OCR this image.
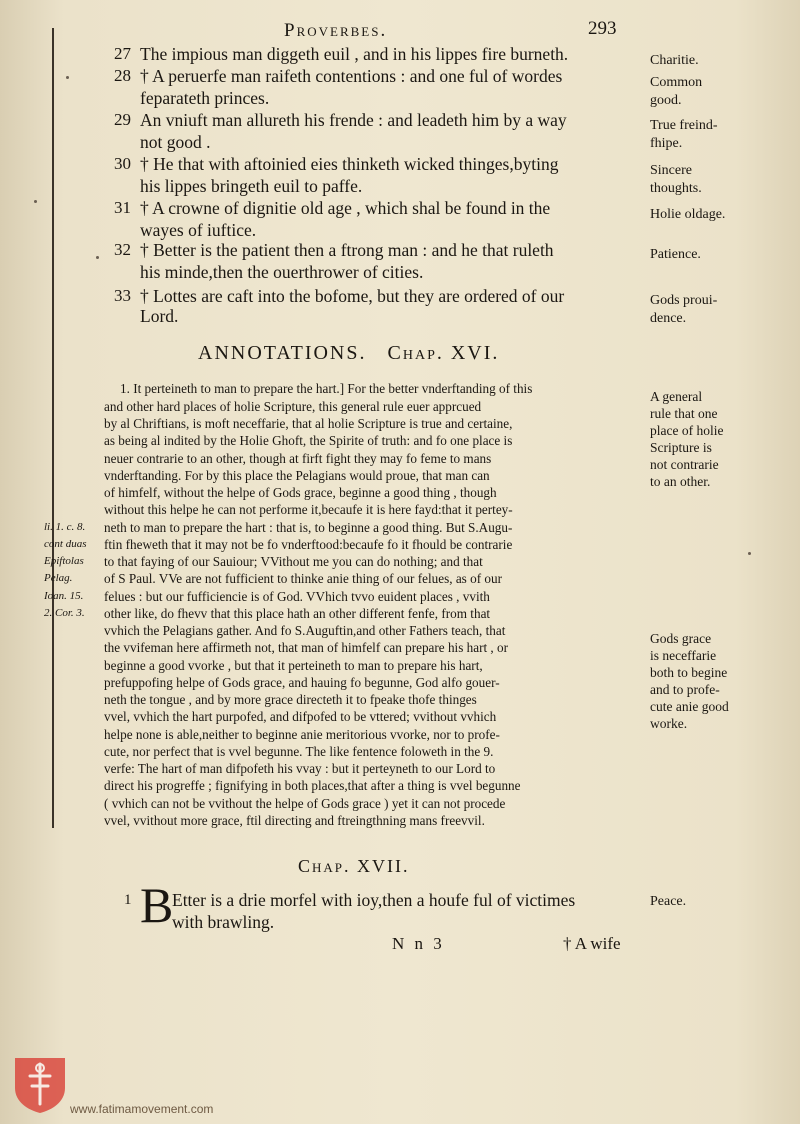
Proverbes.	293
27 The impious man diggeth euil , and in his lippes fire burneth.
28 † A peruerfe man raifeth contentions : and one ful of wordes
feparateth princes.
29 An vniuft man allureth his frende : and leadeth him by a way
not good .
30 † He that with aftoinied eies thinketh wicked thinges,byting
his lippes bringeth euil to paffe.
31 † A crowne of dignitie old age , which shal be found in the
wayes of iuftice.
32 † Better is the patient then a ftrong man : and he that ruleth
his minde,then the ouerthrower of cities.
33 † Lottes are caft into the bofome, but they are ordered of our
Lord.
Charitie.
Common
good.
True freind-
fhipe.
Sincere
thoughts.
Holie oldage.
Patience.
Gods proui-
dence.
ANNOTATIONS. Chap. XVI.
1. It perteineth to man to prepare the hart.] For the better vnderftanding of this
and other hard places of holie Scripture, this general rule euer apprcued
by al Chriftians, is moft neceffarie, that al holie Scripture is true and certaine,
as being al indited by the Holie Ghoft, the Spirite of truth: and fo one place is
neuer contrarie to an other, though at firft fight they may fo feme to mans
vnderftanding. For by this place the Pelagians would proue, that man can
of himfelf, without the helpe of Gods grace, beginne a good thing , though
without this helpe he can not performe it,becaufe it is here fayd:that it pertey-
neth to man to prepare the hart : that is, to beginne a good thing. But S.Augu-
ftin fheweth that it may not be fo vnderftood:becaufe fo it fhould be contrarie
to that faying of our Sauiour; VVithout me you can do nothing; and that
of S Paul. VVe are not fufficient to thinke anie thing of our felues, as of our
felues : but our fufficiencie is of God. VVhich tvvo euident places , vvith
other like, do fhevv that this place hath an other different fenfe, from that
vvhich the Pelagians gather. And fo S.Auguftin,and other Fathers teach, that
the vvifeman here affirmeth not, that man of himfelf can prepare his hart , or
beginne a good vvorke , but that it perteineth to man to prepare his hart,
prefuppofing helpe of Gods grace, and hauing fo begunne, God alfo gouer-
neth the tongue , and by more grace directeth it to fpeake thofe thinges
vvel, vvhich the hart purpofed, and difpofed to be vttered; vvithout vvhich
helpe none is able,neither to beginne anie meritorious vvorke, nor to profe-
cute, nor perfect that is vvel begunne. The like fentence foloweth in the 9.
verfe: The hart of man difpofeth his vvay : but it perteyneth to our Lord to
direct his progreffe ; fignifying in both places,that after a thing is vvel begunne
( vvhich can not be vvithout the helpe of Gods grace ) yet it can not procede
vvel, vvithout more grace, ftil directing and ftreingthning mans freevvil.
li. 1. c. 8.
cont duas
Epiftolas
Pelag.
Ioan. 15.
2. Cor. 3.
A general
rule that one
place of holie
Scripture is
not contrarie
to an other.
Gods grace
is neceffarie
both to begine
and to profe-
cute anie good
worke.
Chap. XVII.
1 B
Etter is a drie morfel with ioy,then a houfe ful of victimes
with brawling.
Peace.
N n 3	† A wife
www.fatimamovement.com
